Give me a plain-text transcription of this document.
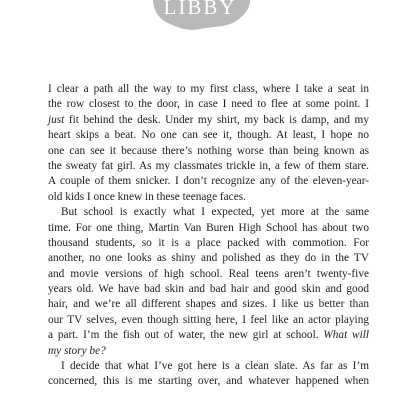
LIBBY
I clear a path all the way to my first class, where I take a seat in
the row closest to the door, in case I need to flee at some point. I
just fit behind the desk. Under my shirt, my back is damp, and my
heart skips a beat. No one can see it, though. At least, I hope no
one can see it because there’s nothing worse than being known as
the sweaty fat girl. As my classmates trickle in, a few of them stare.
A couple of them snicker. I don’t recognize any of the eleven-year-
old kids I once knew in these teenage faces.
But school is exactly what I expected, yet more at the same
time. For one thing, Martin Van Buren High School has about two
thousand students, so it is a place packed with commotion. For
another, no one looks as shiny and polished as they do in the TV
and movie versions of high school. Real teens aren’t twenty-five
years old. We have bad skin and bad hair and good skin and good
hair, and we’re all different shapes and sizes. I like us better than
our TV selves, even though sitting here, I feel like an actor playing
a part. I’m the fish out of water, the new girl at school. What will
my story be?
I decide that what I’ve got here is a clean slate. As far as I’m
concerned, this is me starting over, and whatever happened when
